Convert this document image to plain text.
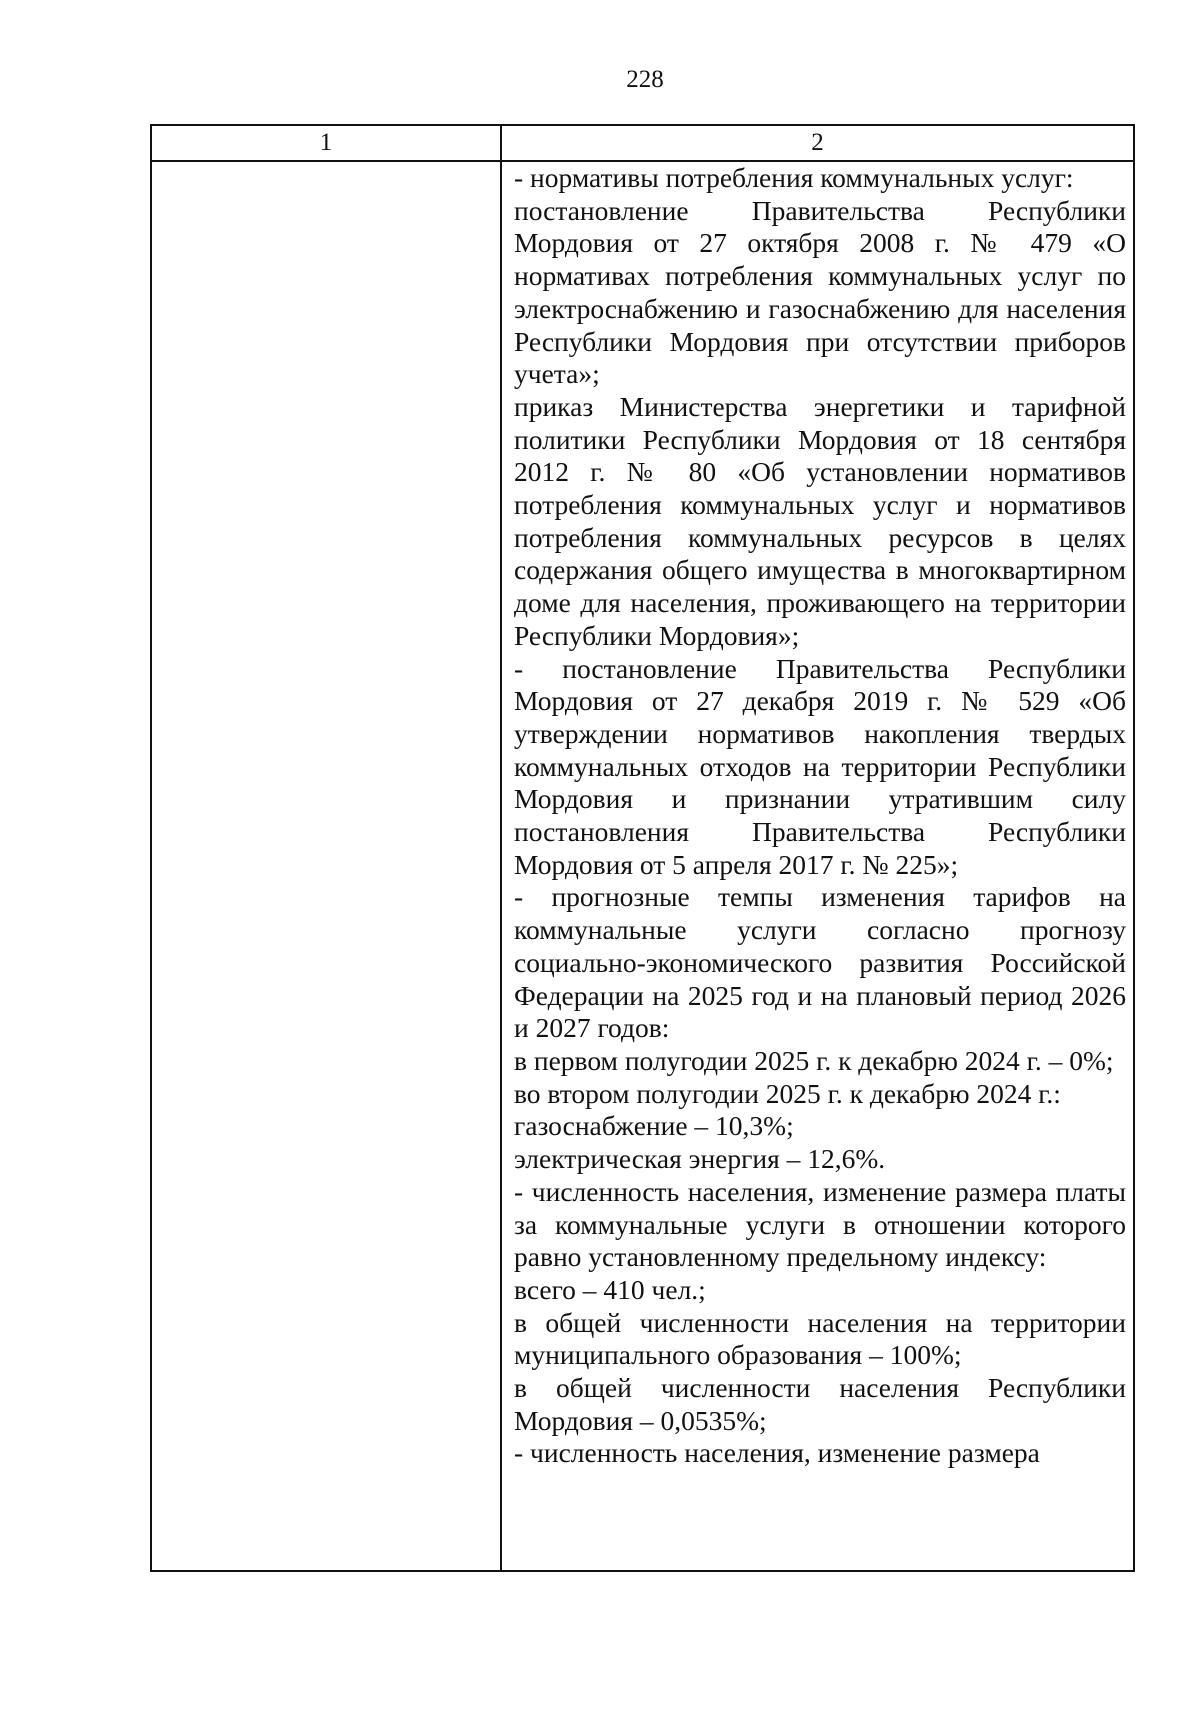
228
1	2

- нормативы потребления коммунальных услуг:

постановление Правительства Республики Мордовия от 27 октября 2008 г. № 479 «О нормативах потребления коммунальных услуг по электроснабжению и газоснабжению для населения Республики Мордовия при отсутствии приборов учета»;

приказ Министерства энергетики и тарифной политики Республики Мордовия от 18 сентября 2012 г. № 80 «Об установлении нормативов потребления коммунальных услуг и нормативов потребления коммунальных ресурсов в целях содержания общего имущества в многоквартирном доме для населения, проживающего на территории Республики Мордовия»;

- постановление Правительства Республики Мордовия от 27 декабря 2019 г. № 529 «Об утверждении нормативов накопления твердых коммунальных отходов на территории Республики Мордовия и признании утратившим силу постановления Правительства Республики Мордовия от 5 апреля 2017 г. № 225»;

- прогнозные темпы изменения тарифов на коммунальные услуги согласно прогнозу социально-экономического развития Российской Федерации на 2025 год и на плановый период 2026 и 2027 годов:

в первом полугодии 2025 г. к декабрю 2024 г. – 0%;

во втором полугодии 2025 г. к декабрю 2024 г.:

газоснабжение – 10,3%;

электрическая энергия – 12,6%.

- численность населения, изменение размера платы за коммунальные услуги в отношении которого равно установленному предельному индексу:

всего – 410 чел.;

в общей численности населения на территории муниципального образования – 100%;

в общей численности населения Республики Мордовия – 0,0535%;

- численность населения, изменение размера
